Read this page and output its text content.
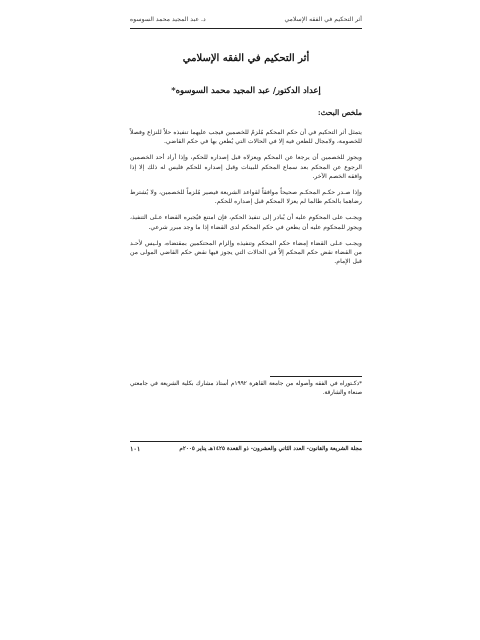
أثر التحكيم في الفقه الإسلامي
د. عبد المجيد محمد السوسوه
أثر التحكيم في الفقه الإسلامي
إعداد الدكتور/ عبد المجيد محمد السوسوه*
ملخص البحث:

يتمثل أثر التحكيم في أن حكم المحكم مُلزمٌ للخصمين فيجب عليهما تنفيذه حلاً للنزاع وفصلاً للخصومة، ولامجال للطعن فيه إلا في الحالات التي يُطعن بها في حكم القاضي.

ويجوز للخصمين أن يرجعا عن المحكم ويعزلاه قبل إصداره للحكم، وإذا أراد أحد الخصمين الرجوع عن المحكم بعد سماع المحكم للبينات وقبل إصداره للحكم فليس له ذلك إلا إذا وافقه الخصم الآخر.

وإذا صـدر حكـم المحكـم صحيحاً موافقاً لقواعد الشريعة فيصير مُلزماً للخصمين، ولا يُشترط رضاهما بالحكم طالما لم يعزلا المحكم قبل إصداره للحكم.

ويجـب على المحكوم عليه أن يُبادر إلى تنفيذ الحكم، فإن امتنع فيُجبره القضاء عـلى التنفيذ، ويجوز للمحكوم عليه أن يطعن في حكم المحكم لدى القضاء إذا ما وجد مبرر شرعي.

ويجـب عـلى القضاء إمضاء حكم المحكم وتنفيذه وإلزام المحتكمين بمقتضاه، ولـيس لأحـد من القضاء نقض حكم المحكم إلاّ في الحالات التي يجوز فيها نقض حكم القاضي المولى من قبل الإمام.

*دكـتوراه في الفقه وأصوله من جامعة القاهرة ١٩٩٢م أستاذ مشارك بكلية الشريعة في جامعتي صنعاء والشارقة.
مجلة الشريعة والقانون- العدد الثاني والعشرون- ذو القعدة ١٤٢٥هـ يناير ٢٠٠٥م
١٠١
